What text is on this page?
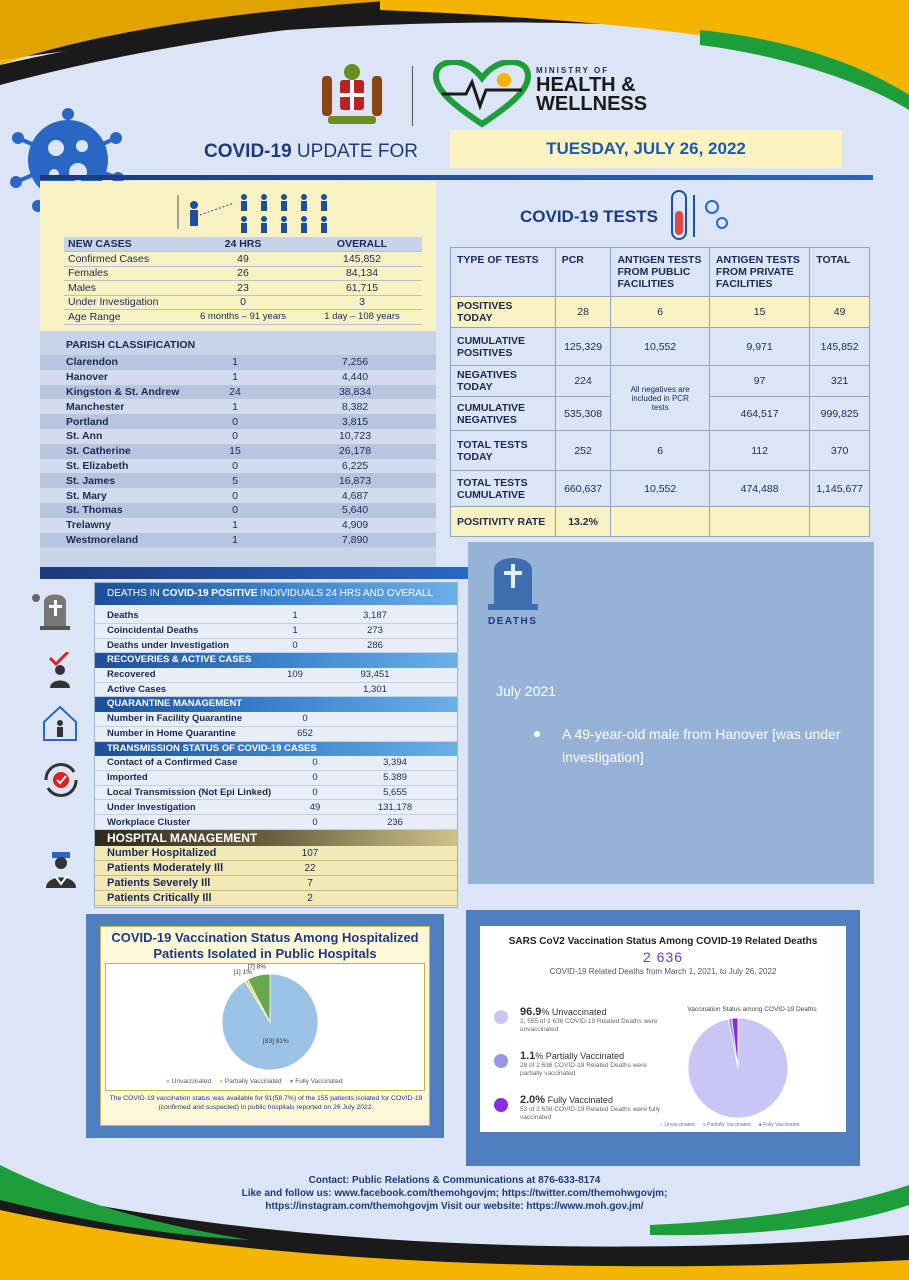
MINISTRY OF
HEALTH &
WELLNESS
COVID-19 UPDATE FOR	TUESDAY, JULY 26, 2022
NEW CASES	24 HRS	OVERALL
Confirmed Cases	49	145,852
Females	26	84,134
Males	23	61,715
Under Investigation	0	3
Age Range	6 months – 91 years	1 day – 108 years
PARISH CLASSIFICATION
Clarendon	1	7,256
Hanover	1	4,440
Kingston & St. Andrew	24	38,834
Manchester	1	8,382
Portland	0	3,815
St. Ann	0	10,723
St. Catherine	15	26,178
St. Elizabeth	0	6,225
St. James	5	16,873
St. Mary	0	4,687
St. Thomas	0	5,640
Trelawny	1	4,909
Westmoreland	1	7,890
COVID-19 TESTS
TYPE OF TESTS	PCR	ANTIGEN TESTS FROM PUBLIC FACILITIES	ANTIGEN TESTS FROM PRIVATE FACILITIES	TOTAL
POSITIVES TODAY	28	6	15	49
CUMULATIVE POSITIVES	125,329	10,552	9,971	145,852
NEGATIVES TODAY	224	All negatives are included in PCR tests	97	321
CUMULATIVE NEGATIVES	535,308		464,517	999,825
TOTAL TESTS TODAY	252	6	112	370
TOTAL TESTS CUMULATIVE	660,637	10,552	474,488	1,145,677
POSITIVITY RATE	13.2%			
DEATHS IN COVID-19 POSITIVE INDIVIDUALS 24 HRS AND OVERALL
Deaths	1	3,187
Coincidental Deaths	1	273
Deaths under Investigation	0	286
RECOVERIES & ACTIVE CASES
Recovered	109	93,451
Active Cases	1,301
QUARANTINE MANAGEMENT
Number in Facility Quarantine	0
Number in Home Quarantine	652
TRANSMISSION STATUS OF COVID-19 CASES
Contact of a Confirmed Case	0	3,394
Imported	0	5.389
Local Transmission (Not Epi Linked)	0	5,655
Under Investigation	49	131,178
Workplace Cluster	0	236
HOSPITAL MANAGEMENT
Number Hospitalized	107
Patients Moderately Ill	22
Patients Severely Ill	7
Patients Critically Ill	2
DEATHS
July 2021
A 49-year-old male from Hanover [was under investigation]
COVID-19 Vaccination Status Among Hospitalized Patients Isolated in Public Hospitals
[83] 91%
[1] 1%
[7] 8%
● Unvaccinated ● Partially Vaccinated ● Fully Vaccinated
The COVID-19 vaccination status was available for 91(58.7%) of the 155 patients isolated for COVID-19 (confirmed and suspected) in public hospitals reported on 26 July 2022.
SARS CoV2 Vaccination Status Among COVID-19 Related Deaths
2 636
COVID-19 Related Deaths from March 1, 2021, to July 26, 2022
96.9% Unvaccinated
2, 555 of 2 636 COVID-19 Related Deaths were unvaccinated
1.1% Partially Vaccinated
28 of 2 636 COVID-19 Related Deaths were partially vaccinated
2.0% Fully Vaccinated
53 of 2 636 COVID-19 Related Deaths were fully vaccinated
Vaccination Status among COVID-19 Deaths
● Unvaccinated ● Partially Vaccinated ● Fully Vaccinated
Contact: Public Relations & Communications at 876-633-8174
Like and follow us: www.facebook.com/themohgovjm; https://twitter.com/themohwgovjm;
https://instagram.com/themohgovjm Visit our website: https://www.moh.gov.jm/
